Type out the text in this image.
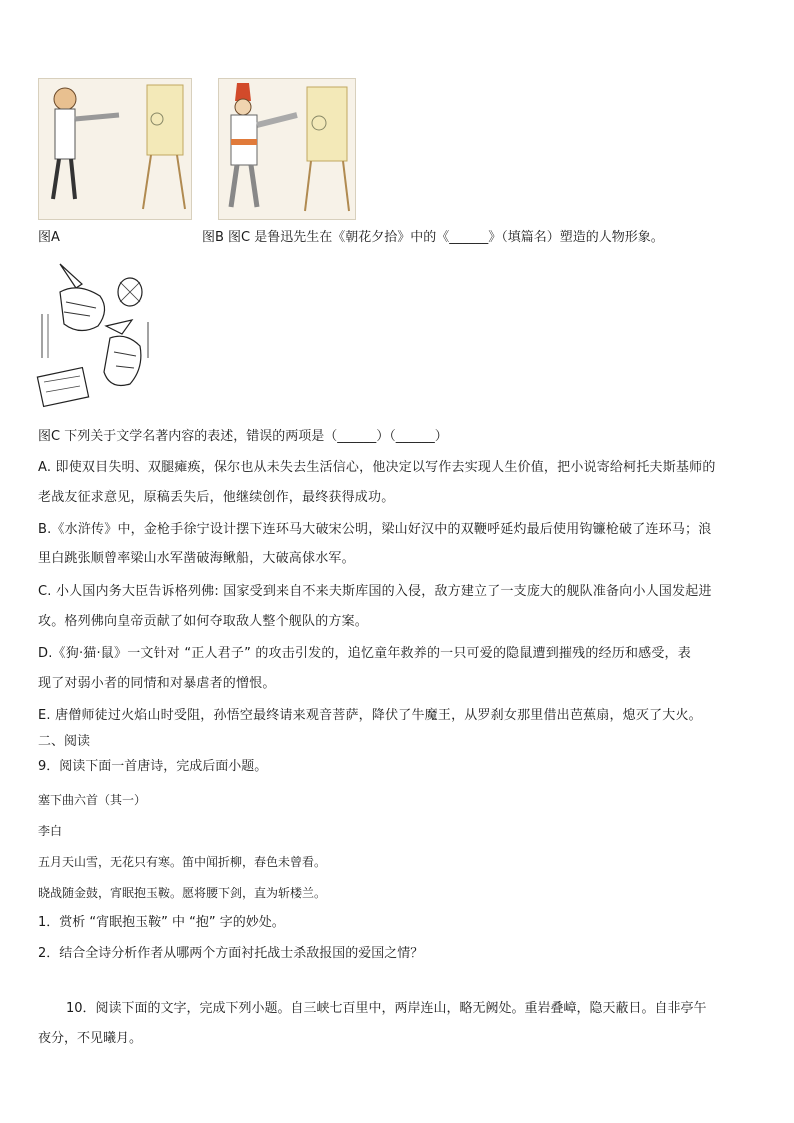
图A	图B 图C 是鲁迅先生在《朝花夕拾》中的《______》（填篇名）塑造的人物形象。
图C 下列关于文学名著内容的表述，错误的两项是（______）（______）
A. 即使双目失明、双腿瘫痪，保尔也从未失去生活信心，他决定以写作去实现人生价值，把小说寄给柯托夫斯基师的
老战友征求意见，原稿丢失后，他继续创作，最终获得成功。
B.《水浒传》中，金枪手徐宁设计摆下连环马大破宋公明，梁山好汉中的双鞭呼延灼最后使用钩镰枪破了连环马；浪
里白跳张顺曾率梁山水军凿破海鳅船，大破高俅水军。
C. 小人国内务大臣告诉格列佛: 国家受到来自不来夫斯库国的入侵，敌方建立了一支庞大的舰队准备向小人国发起进
攻。格列佛向皇帝贡献了如何夺取敌人整个舰队的方案。
D.《狗·猫·鼠》一文针对 “正人君子” 的攻击引发的，追忆童年救养的一只可爱的隐鼠遭到摧残的经历和感受，表
现了对弱小者的同情和对暴虐者的憎恨。
E. 唐僧师徒过火焰山时受阻，孙悟空最终请来观音菩萨，降伏了牛魔王，从罗刹女那里借出芭蕉扇，熄灭了大火。
二、阅读
9．阅读下面一首唐诗，完成后面小题。
塞下曲六首（其一）
李白
五月天山雪，无花只有寒。笛中闻折柳，春色未曾看。
晓战随金鼓，宵眠抱玉鞍。愿将腰下剑，直为斩楼兰。
1．赏析 “宵眠抱玉鞍” 中 “抱” 字的妙处。
2．结合全诗分析作者从哪两个方面衬托战士杀敌报国的爱国之情？
10．阅读下面的文字，完成下列小题。自三峡七百里中，两岸连山，略无阙处。重岩叠嶂，隐天蔽日。自非亭午
夜分，不见曦月。
